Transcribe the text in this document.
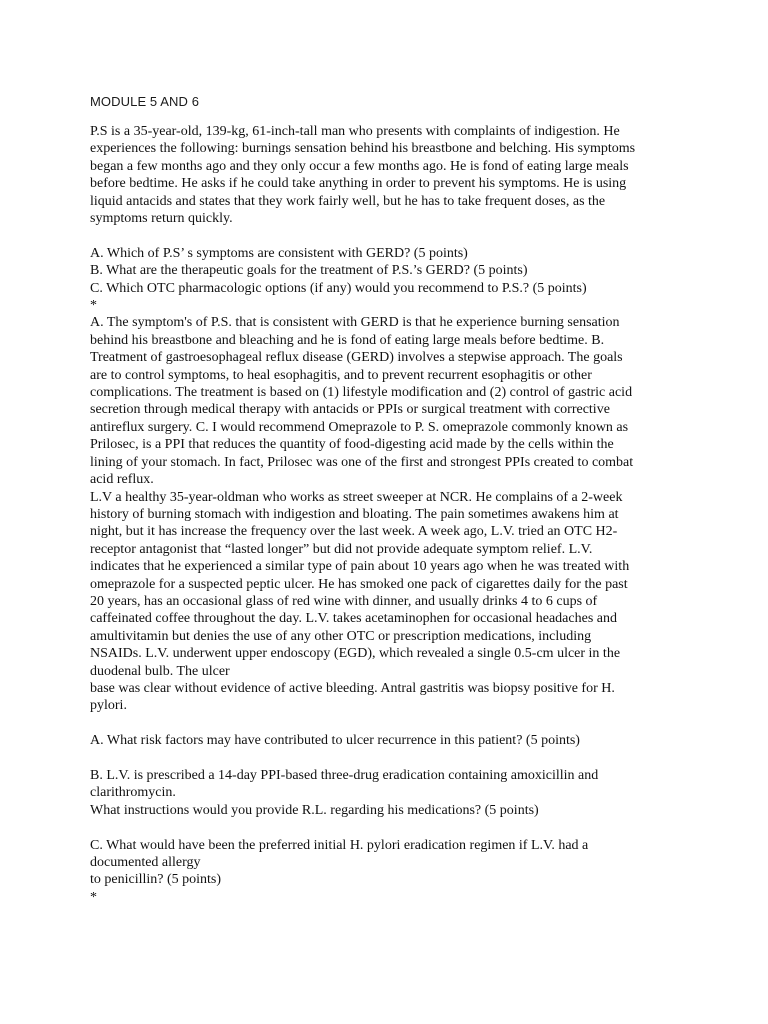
MODULE 5 AND 6
P.S is a 35-year-old, 139-kg, 61-inch-tall man who presents with complaints of indigestion. He
experiences the following: burnings sensation behind his breastbone and belching. His symptoms
began a few months ago and they only occur a few months ago. He is fond of eating large meals
before bedtime. He asks if he could take anything in order to prevent his symptoms. He is using
liquid antacids and states that they work fairly well, but he has to take frequent doses, as the
symptoms return quickly.
A. Which of P.S’ s symptoms are consistent with GERD? (5 points)
B. What are the therapeutic goals for the treatment of P.S.’s GERD? (5 points)
C. Which OTC pharmacologic options (if any) would you recommend to P.S.? (5 points)
*
A. The symptom's of P.S. that is consistent with GERD is that he experience burning sensation
behind his breastbone and bleaching and he is fond of eating large meals before bedtime. B.
Treatment of gastroesophageal reflux disease (GERD) involves a stepwise approach. The goals
are to control symptoms, to heal esophagitis, and to prevent recurrent esophagitis or other
complications. The treatment is based on (1) lifestyle modification and (2) control of gastric acid
secretion through medical therapy with antacids or PPIs or surgical treatment with corrective
antireflux surgery. C. I would recommend Omeprazole to P. S. omeprazole commonly known as
Prilosec, is a PPI that reduces the quantity of food-digesting acid made by the cells within the
lining of your stomach. In fact, Prilosec was one of the first and strongest PPIs created to combat
acid reflux.
L.V a healthy 35-year-oldman who works as street sweeper at NCR. He complains of a 2-week
history of burning stomach with indigestion and bloating. The pain sometimes awakens him at
night, but it has increase the frequency over the last week. A week ago, L.V. tried an OTC H2-
receptor antagonist that “lasted longer” but did not provide adequate symptom relief. L.V.
indicates that he experienced a similar type of pain about 10 years ago when he was treated with
omeprazole for a suspected peptic ulcer. He has smoked one pack of cigarettes daily for the past
20 years, has an occasional glass of red wine with dinner, and usually drinks 4 to 6 cups of
caffeinated coffee throughout the day. L.V. takes acetaminophen for occasional headaches and
amultivitamin but denies the use of any other OTC or prescription medications, including
NSAIDs. L.V. underwent upper endoscopy (EGD), which revealed a single 0.5-cm ulcer in the
duodenal bulb. The ulcer
base was clear without evidence of active bleeding. Antral gastritis was biopsy positive for H.
pylori.
A. What risk factors may have contributed to ulcer recurrence in this patient? (5 points)
B. L.V. is prescribed a 14-day PPI-based three-drug eradication containing amoxicillin and
clarithromycin.
What instructions would you provide R.L. regarding his medications? (5 points)
C. What would have been the preferred initial H. pylori eradication regimen if L.V. had a
documented allergy
to penicillin? (5 points)
*
